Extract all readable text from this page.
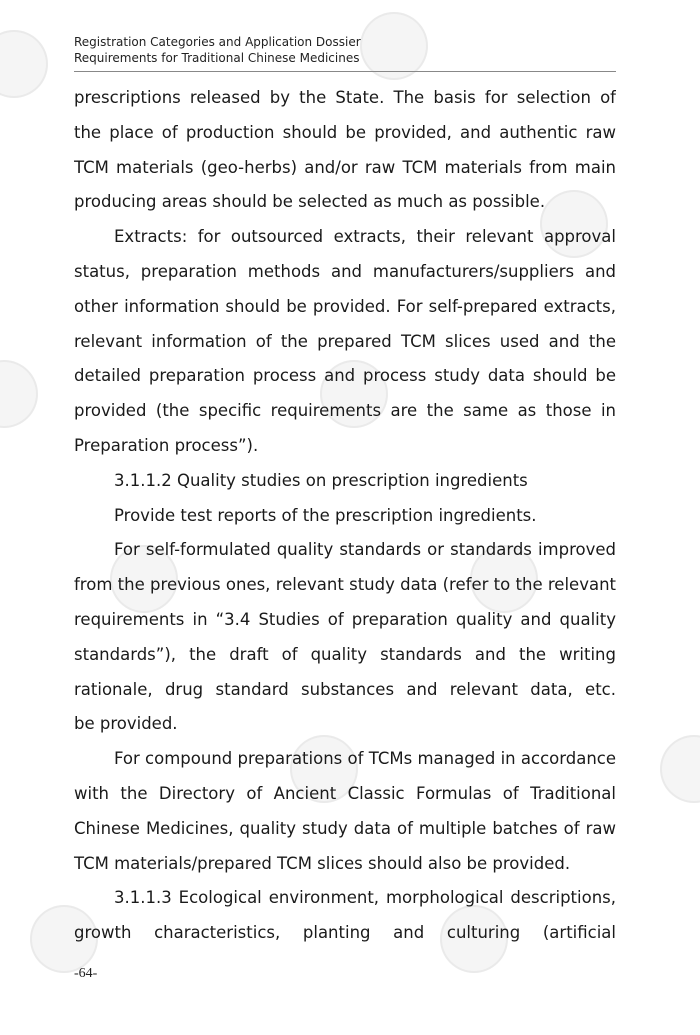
Registration Categories and Application Dossier
Requirements for Traditional Chinese Medicines

prescriptions released by the State. The basis for selection of
the place of production should be provided, and authentic raw
TCM materials (geo-herbs) and/or raw TCM materials from main
producing areas should be selected as much as possible.

Extracts: for outsourced extracts, their relevant approval
status, preparation methods and manufacturers/suppliers and
other information should be provided. For self-prepared extracts,
relevant information of the prepared TCM slices used and the
detailed preparation process and process study data should be
provided (the specific requirements are the same as those in
Preparation process”).

3.1.1.2 Quality studies on prescription ingredients

Provide test reports of the prescription ingredients.

For self-formulated quality standards or standards improved
from the previous ones, relevant study data (refer to the relevant
requirements in “3.4 Studies of preparation quality and quality
standards”), the draft of quality standards and the writing
rationale, drug standard substances and relevant data, etc.
be provided.

For compound preparations of TCMs managed in accordance
with the Directory of Ancient Classic Formulas of Traditional
Chinese Medicines, quality study data of multiple batches of raw
TCM materials/prepared TCM slices should also be provided.

3.1.1.3 Ecological environment, morphological descriptions,
growth characteristics, planting and culturing (artificial

-64-
